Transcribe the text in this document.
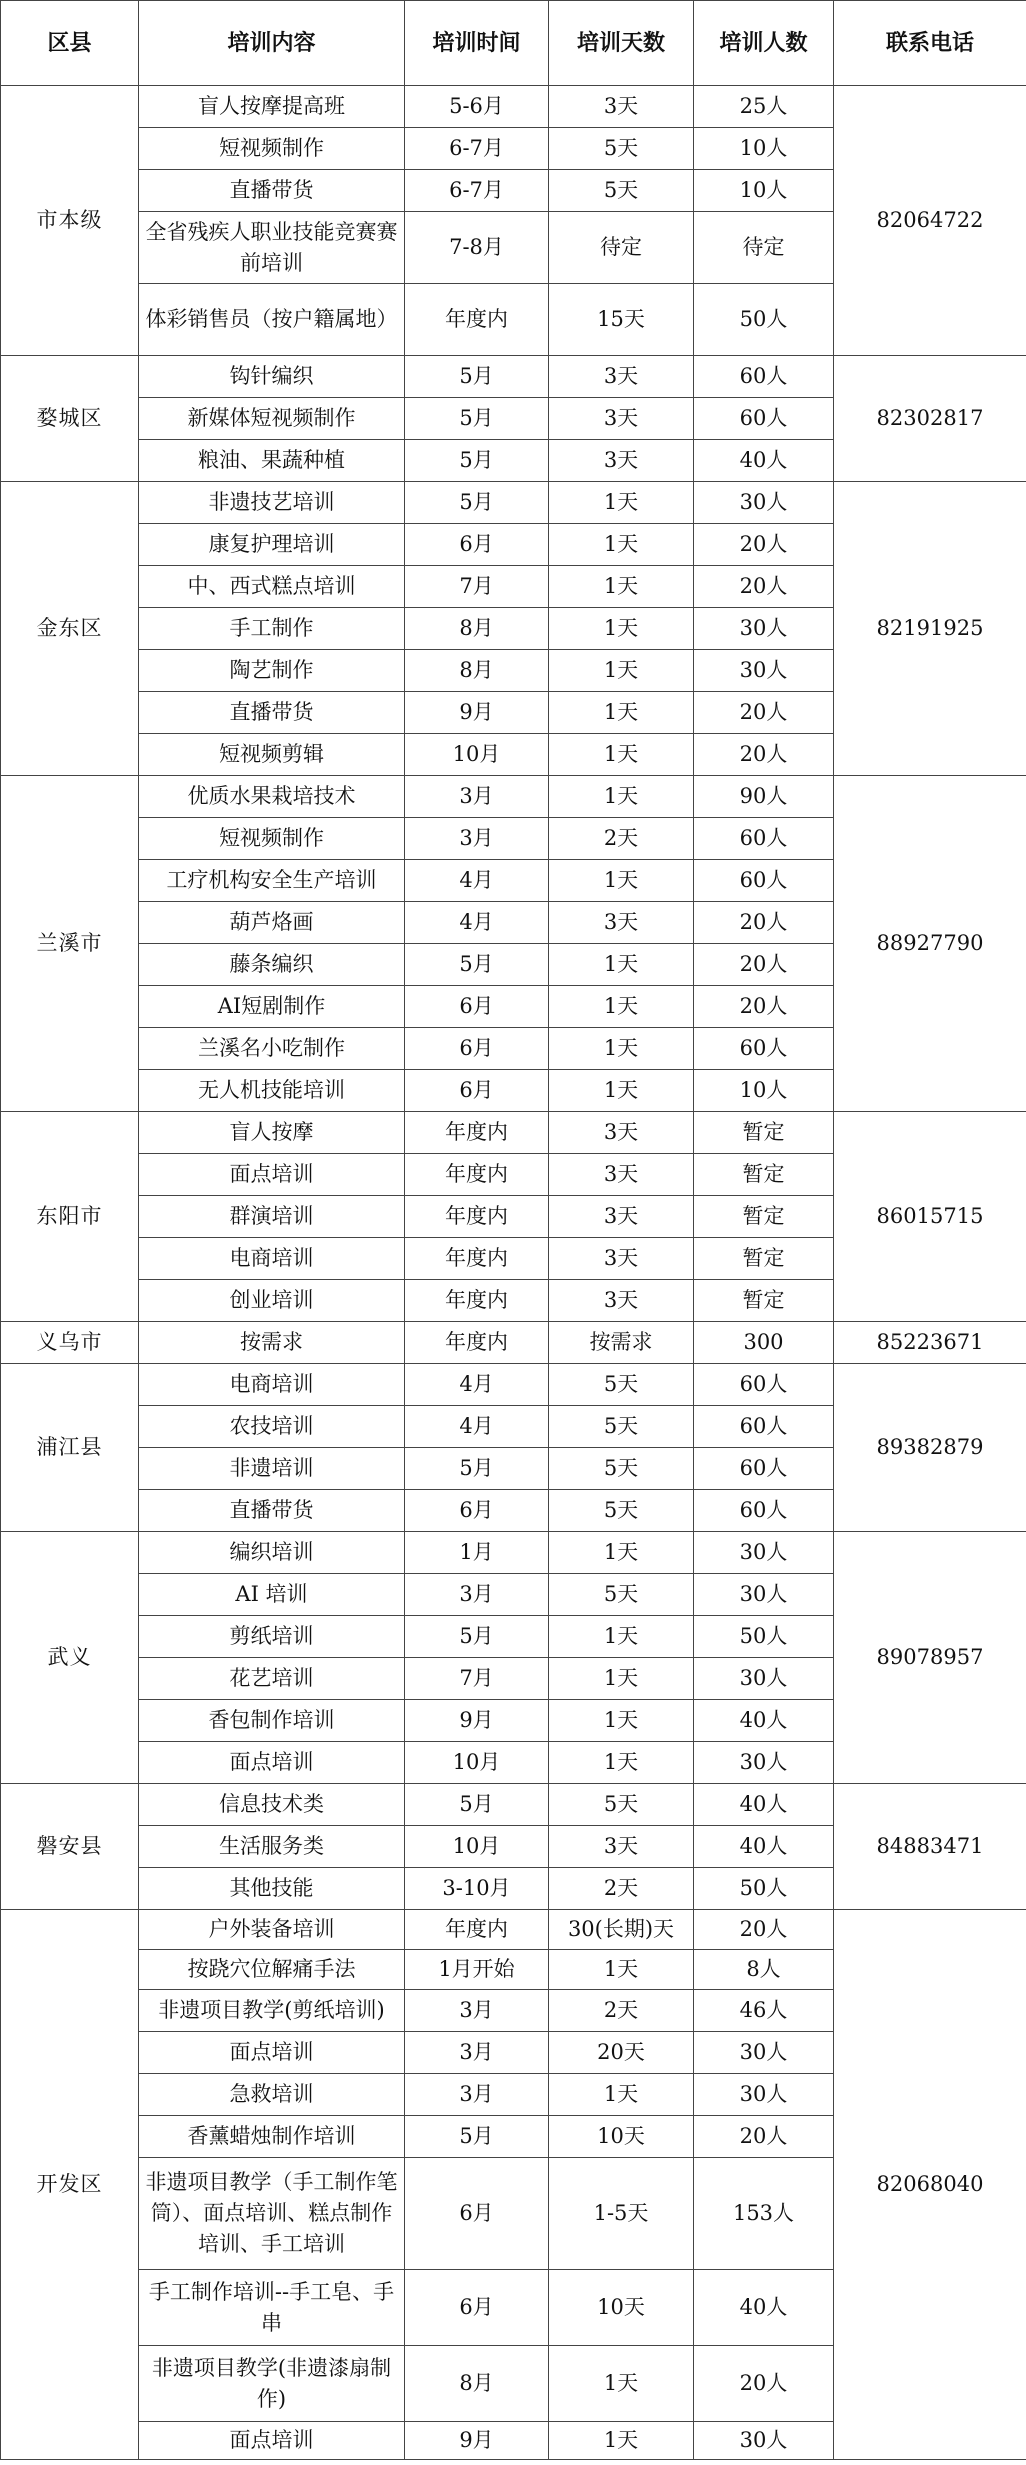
区县	培训内容	培训时间	培训天数	培训人数	联系电话
市本级	盲人按摩提高班	5-6月	3天	25人	82064722
	短视频制作	6-7月	5天	10人	
	直播带货	6-7月	5天	10人	
	全省残疾人职业技能竞赛赛前培训	7-8月	待定	待定	
	体彩销售员（按户籍属地）	年度内	15天	50人	
婺城区	钩针编织	5月	3天	60人	82302817
	新媒体短视频制作	5月	3天	60人	
	粮油、果蔬种植	5月	3天	40人	
金东区	非遗技艺培训	5月	1天	30人	82191925
	康复护理培训	6月	1天	20人	
	中、西式糕点培训	7月	1天	20人	
	手工制作	8月	1天	30人	
	陶艺制作	8月	1天	30人	
	直播带货	9月	1天	20人	
	短视频剪辑	10月	1天	20人	
兰溪市	优质水果栽培技术	3月	1天	90人	88927790
	短视频制作	3月	2天	60人	
	工疗机构安全生产培训	4月	1天	60人	
	葫芦烙画	4月	3天	20人	
	藤条编织	5月	1天	20人	
	AI短剧制作	6月	1天	20人	
	兰溪名小吃制作	6月	1天	60人	
	无人机技能培训	6月	1天	10人	
东阳市	盲人按摩	年度内	3天	暂定	86015715
	面点培训	年度内	3天	暂定	
	群演培训	年度内	3天	暂定	
	电商培训	年度内	3天	暂定	
	创业培训	年度内	3天	暂定	
义乌市	按需求	年度内	按需求	300	85223671
浦江县	电商培训	4月	5天	60人	89382879
	农技培训	4月	5天	60人	
	非遗培训	5月	5天	60人	
	直播带货	6月	5天	60人	
武义	编织培训	1月	1天	30人	89078957
	AI 培训	3月	5天	30人	
	剪纸培训	5月	1天	50人	
	花艺培训	7月	1天	30人	
	香包制作培训	9月	1天	40人	
	面点培训	10月	1天	30人	
磐安县	信息技术类	5月	5天	40人	84883471
	生活服务类	10月	3天	40人	
	其他技能	3-10月	2天	50人	
开发区	户外装备培训	年度内	30(长期)天	20人	82068040
	按跷穴位解痛手法	1月开始	1天	8人	
	非遗项目教学(剪纸培训)	3月	2天	46人	
	面点培训	3月	20天	30人	
	急救培训	3月	1天	30人	
	香薰蜡烛制作培训	5月	10天	20人	
	非遗项目教学（手工制作笔筒）、面点培训、糕点制作培训、手工培训	6月	1-5天	153人	
	手工制作培训--手工皂、手串	6月	10天	40人	
	非遗项目教学(非遗漆扇制作)	8月	1天	20人	
	面点培训	9月	1天	30人	
